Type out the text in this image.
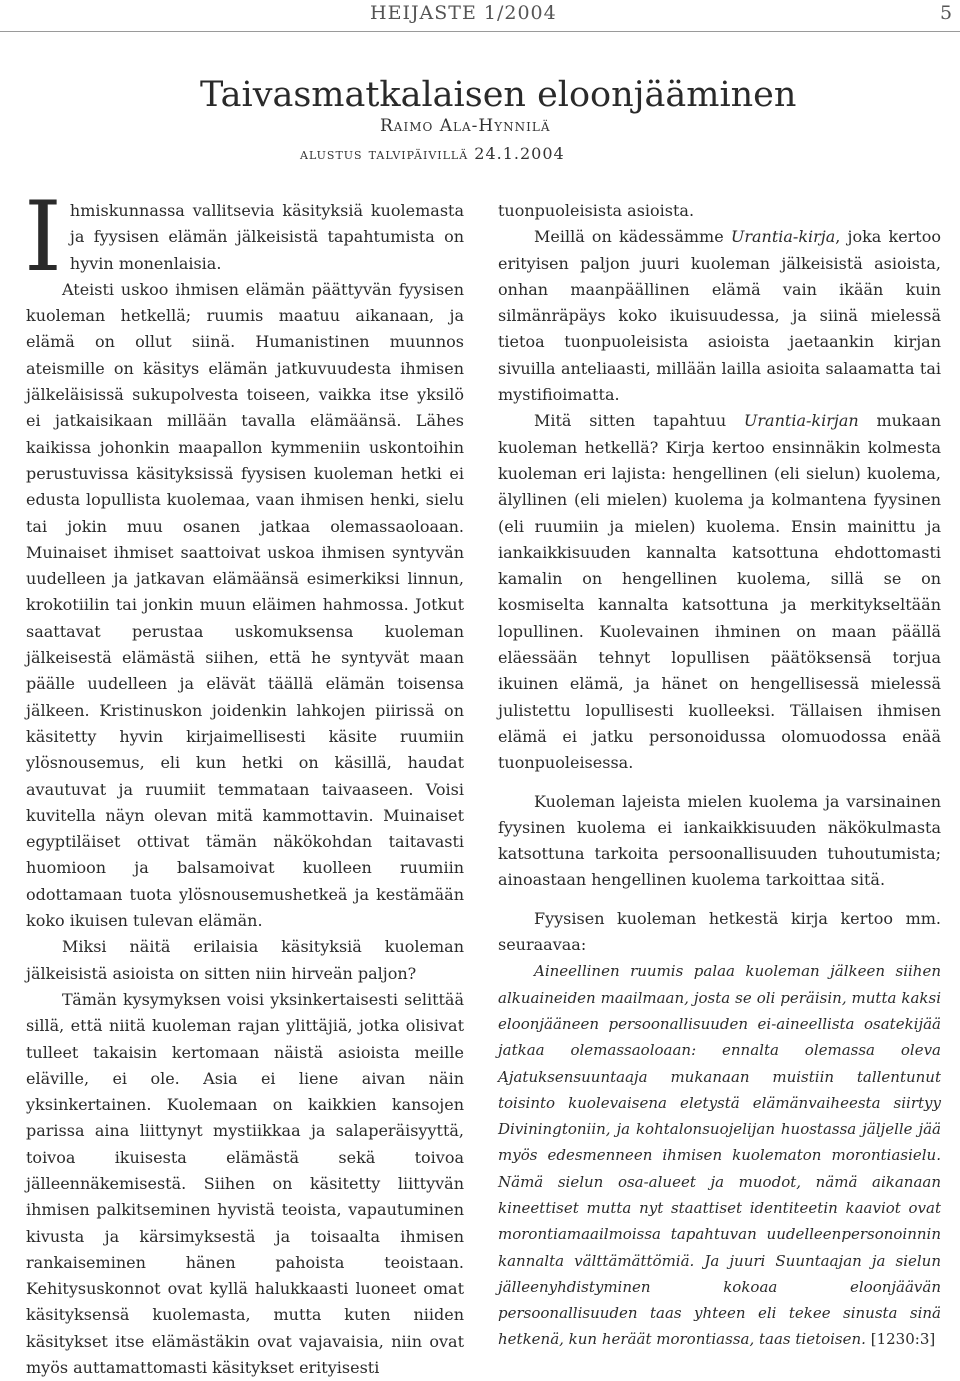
HEIJASTE 1/2004	5
Taivasmatkalaisen eloonjääminen
Raimo Ala-Hynnilä
alustus talvipäivillä 24.1.2004

Ihmiskunnassa vallitsevia käsityksiä kuolemasta ja fyysisen elämän jälkeisistä tapahtumista on hyvin monenlaisia.

Ateisti uskoo ihmisen elämän päättyvän fyysisen kuoleman hetkellä; ruumis maatuu aikanaan, ja elämä on ollut siinä. Humanistinen muunnos ateismille on käsitys elämän jatkuvuudesta ihmisen jälkeläisissä sukupolvesta toiseen, vaikka itse yksilö ei jatkaisikaan millään tavalla elämäänsä. Lähes kaikissa johonkin maapallon kymmeniin uskontoihin perustuvissa käsityksissä fyysisen kuoleman hetki ei edusta lopullista kuolemaa, vaan ihmisen henki, sielu tai jokin muu osanen jatkaa olemassaoloaan. Muinaiset ihmiset saattoivat uskoa ihmisen syntyvän uudelleen ja jatkavan elämäänsä esimerkiksi linnun, krokotiilin tai jonkin muun eläimen hahmossa. Jotkut saattavat perustaa uskomuksensa kuoleman jälkeisestä elämästä siihen, että he syntyvät maan päälle uudelleen ja elävät täällä elämän toisensa jälkeen. Kristinuskon joidenkin lahkojen piirissä on käsitetty hyvin kirjaimellisesti käsite ruumiin ylösnousemus, eli kun hetki on käsillä, haudat avautuvat ja ruumiit temmataan taivaaseen. Voisi kuvitella näyn olevan mitä kammottavin. Muinaiset egyptiläiset ottivat tämän näkökohdan taitavasti huomioon ja balsamoivat kuolleen ruumiin odottamaan tuota ylösnousemushetkeä ja kestämään koko ikuisen tulevan elämän.

Miksi näitä erilaisia käsityksiä kuoleman jälkeisistä asioista on sitten niin hirveän paljon?

Tämän kysymyksen voisi yksinkertaisesti selittää sillä, että niitä kuoleman rajan ylittäjiä, jotka olisivat tulleet takaisin kertomaan näistä asioista meille eläville, ei ole. Asia ei liene aivan näin yksinkertainen. Kuolemaan on kaikkien kansojen parissa aina liittynyt mystiikkaa ja salaperäisyyttä, toivoa ikuisesta elämästä sekä toivoa jälleennäkemisestä. Siihen on käsitetty liittyvän ihmisen palkitseminen hyvistä teoista, vapautuminen kivusta ja kärsimyksestä ja toisaalta ihmisen rankaiseminen hänen pahoista teoistaan. Kehitysuskonnot ovat kyllä halukkaasti luoneet omat käsityksensä kuolemasta, mutta kuten niiden käsitykset itse elämästäkin ovat vajavaisia, niin ovat myös auttamattomasti käsitykset erityisesti

tuonpuoleisista asioista.

Meillä on kädessämme Urantia-kirja, joka kertoo erityisen paljon juuri kuoleman jälkeisistä asioista, onhan maanpäällinen elämä vain ikään kuin silmänräpäys koko ikuisuudessa, ja siinä mielessä tietoa tuonpuoleisista asioista jaetaankin kirjan sivuilla anteliaasti, millään lailla asioita salaamatta tai mystifioimatta.

Mitä sitten tapahtuu Urantia-kirjan mukaan kuoleman hetkellä? Kirja kertoo ensinnäkin kolmesta kuoleman eri lajista: hengellinen (eli sielun) kuolema, älyllinen (eli mielen) kuolema ja kolmantena fyysinen (eli ruumiin ja mielen) kuolema. Ensin mainittu ja iankaikkisuuden kannalta katsottuna ehdottomasti kamalin on hengellinen kuolema, sillä se on kosmiselta kannalta katsottuna ja merkitykseltään lopullinen. Kuolevainen ihminen on maan päällä eläessään tehnyt lopullisen päätöksensä torjua ikuinen elämä, ja hänet on hengellisessä mielessä julistettu lopullisesti kuolleeksi. Tällaisen ihmisen elämä ei jatku personoidussa olomuodossa enää tuonpuoleisessa.

Kuoleman lajeista mielen kuolema ja varsinainen fyysinen kuolema ei iankaikkisuuden näkökulmasta katsottuna tarkoita persoonallisuuden tuhoutumista; ainoastaan hengellinen kuolema tarkoittaa sitä.

Fyysisen kuoleman hetkestä kirja kertoo mm. seuraavaa:

Aineellinen ruumis palaa kuoleman jälkeen siihen alkuaineiden maailmaan, josta se oli peräisin, mutta kaksi eloonjääneen persoonallisuuden ei-aineellista osatekijää jatkaa olemassaoloaan: ennalta olemassa oleva Ajatuksensuuntaaja mukanaan muistiin tallentunut toisinto kuolevaisena eletystä elämänvaiheesta siirtyy Diviningtoniin, ja kohtalonsuojelijan huostassa jäljelle jää myös edesmenneen ihmisen kuolematon morontiasielu. Nämä sielun osa-alueet ja muodot, nämä aikanaan kineettiset mutta nyt staattiset identiteetin kaaviot ovat morontiamaailmoissa tapahtuvan uudelleenpersonoinnin kannalta välttämättömiä. Ja juuri Suuntaajan ja sielun jälleenyhdistyminen kokoaa eloonjäävän persoonallisuuden taas yhteen eli tekee sinusta sinä hetkenä, kun heräät morontiassa, taas tietoisen. [1230:3]
